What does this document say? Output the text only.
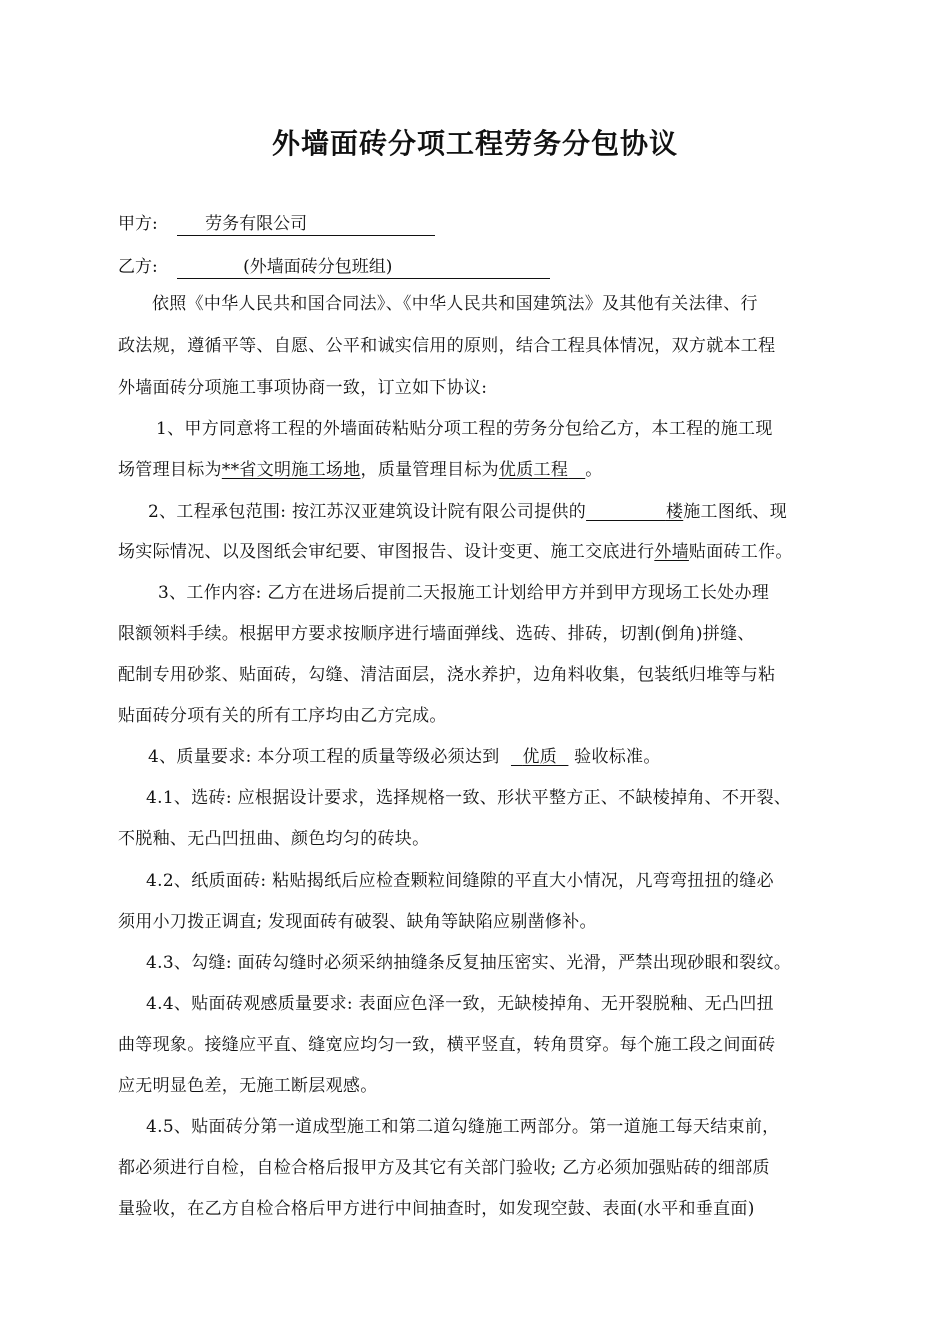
外墙面砖分项工程劳务分包协议
甲方:	劳务有限公司
乙方:	(外墙面砖分包班组)
依照《中华人民共和国合同法》、《中华人民共和国建筑法》及其他有关法律、行
政法规，遵循平等、自愿、公平和诚实信用的原则，结合工程具体情况，双方就本工程
外墙面砖分项施工事项协商一致，订立如下协议:
1、甲方同意将工程的外墙面砖粘贴分项工程的劳务分包给乙方，本工程的施工现
场管理目标为**省文明施工场地，质量管理目标为优质工程 。
2、工程承包范围: 按江苏汉亚建筑设计院有限公司提供的	楼施工图纸、现
场实际情况、以及图纸会审纪要、审图报告、设计变更、施工交底进行外墙贴面砖工作。
3、工作内容: 乙方在进场后提前二天报施工计划给甲方并到甲方现场工长处办理
限额领料手续。根据甲方要求按顺序进行墙面弹线、选砖、排砖，切割(倒角)拼缝、
配制专用砂浆、贴面砖，勾缝、清洁面层，浇水养护，边角料收集，包装纸归堆等与粘
贴面砖分项有关的所有工序均由乙方完成。
4、质量要求: 本分项工程的质量等级必须达到 优质 验收标准。
4.1、选砖: 应根据设计要求，选择规格一致、形状平整方正、不缺棱掉角、不开裂、
不脱釉、无凸凹扭曲、颜色均匀的砖块。
4.2、纸质面砖: 粘贴揭纸后应检查颗粒间缝隙的平直大小情况，凡弯弯扭扭的缝必
须用小刀拨正调直; 发现面砖有破裂、缺角等缺陷应剔凿修补。
4.3、勾缝: 面砖勾缝时必须采纳抽缝条反复抽压密实、光滑，严禁出现砂眼和裂纹。
4.4、贴面砖观感质量要求: 表面应色泽一致，无缺棱掉角、无开裂脱釉、无凸凹扭
曲等现象。接缝应平直、缝宽应均匀一致，横平竖直，转角贯穿。每个施工段之间面砖
应无明显色差，无施工断层观感。
4.5、贴面砖分第一道成型施工和第二道勾缝施工两部分。第一道施工每天结束前，
都必须进行自检，自检合格后报甲方及其它有关部门验收; 乙方必须加强贴砖的细部质
量验收，在乙方自检合格后甲方进行中间抽查时，如发现空鼓、表面(水平和垂直面)
